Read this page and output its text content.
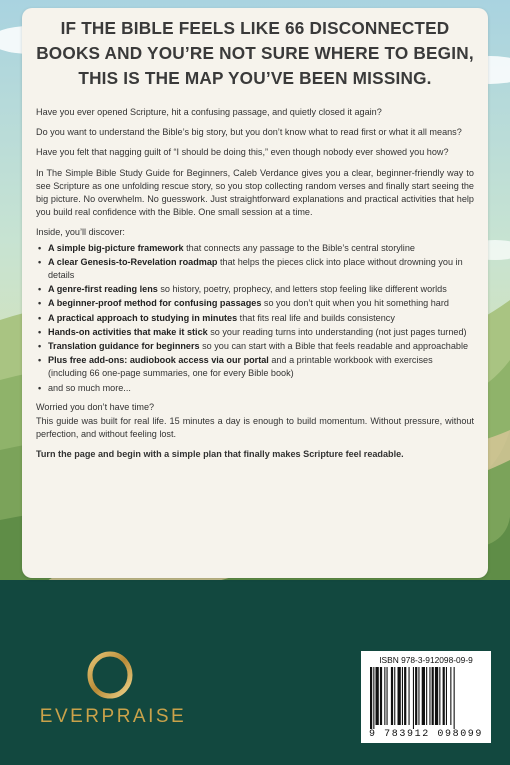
IF THE BIBLE FEELS LIKE 66 DISCONNECTED BOOKS AND YOU’RE NOT SURE WHERE TO BEGIN, THIS IS THE MAP YOU’VE BEEN MISSING.

Have you ever opened Scripture, hit a confusing passage, and quietly closed it again?

Do you want to understand the Bible’s big story, but you don’t know what to read first or what it all means?

Have you felt that nagging guilt of “I should be doing this,” even though nobody ever showed you how?

In The Simple Bible Study Guide for Beginners, Caleb Verdance gives you a clear, beginner-friendly way to see Scripture as one unfolding rescue story, so you stop collecting random verses and finally start seeing the big picture. No overwhelm. No guesswork. Just straightforward explanations and practical activities that help you build real confidence with the Bible. One small session at a time.

Inside, you’ll discover:

• A simple big-picture framework that connects any passage to the Bible’s central storyline
• A clear Genesis-to-Revelation roadmap that helps the pieces click into place without drowning you in details
• A genre-first reading lens so history, poetry, prophecy, and letters stop feeling like different worlds
• A beginner-proof method for confusing passages so you don’t quit when you hit something hard
• A practical approach to studying in minutes that fits real life and builds consistency
• Hands-on activities that make it stick so your reading turns into understanding (not just pages turned)
• Translation guidance for beginners so you can start with a Bible that feels readable and approachable
• Plus free add-ons: audiobook access via our portal and a printable workbook with exercises (including 66 one-page summaries, one for every Bible book)
• and so much more...

Worried you don’t have time?

This guide was built for real life. 15 minutes a day is enough to build momentum. Without pressure, without perfection, and without feeling lost.

Turn the page and begin with a simple plan that finally makes Scripture feel readable.

EVERPRAISE
ISBN 978-3-912098-09-9
9 783912 098099
